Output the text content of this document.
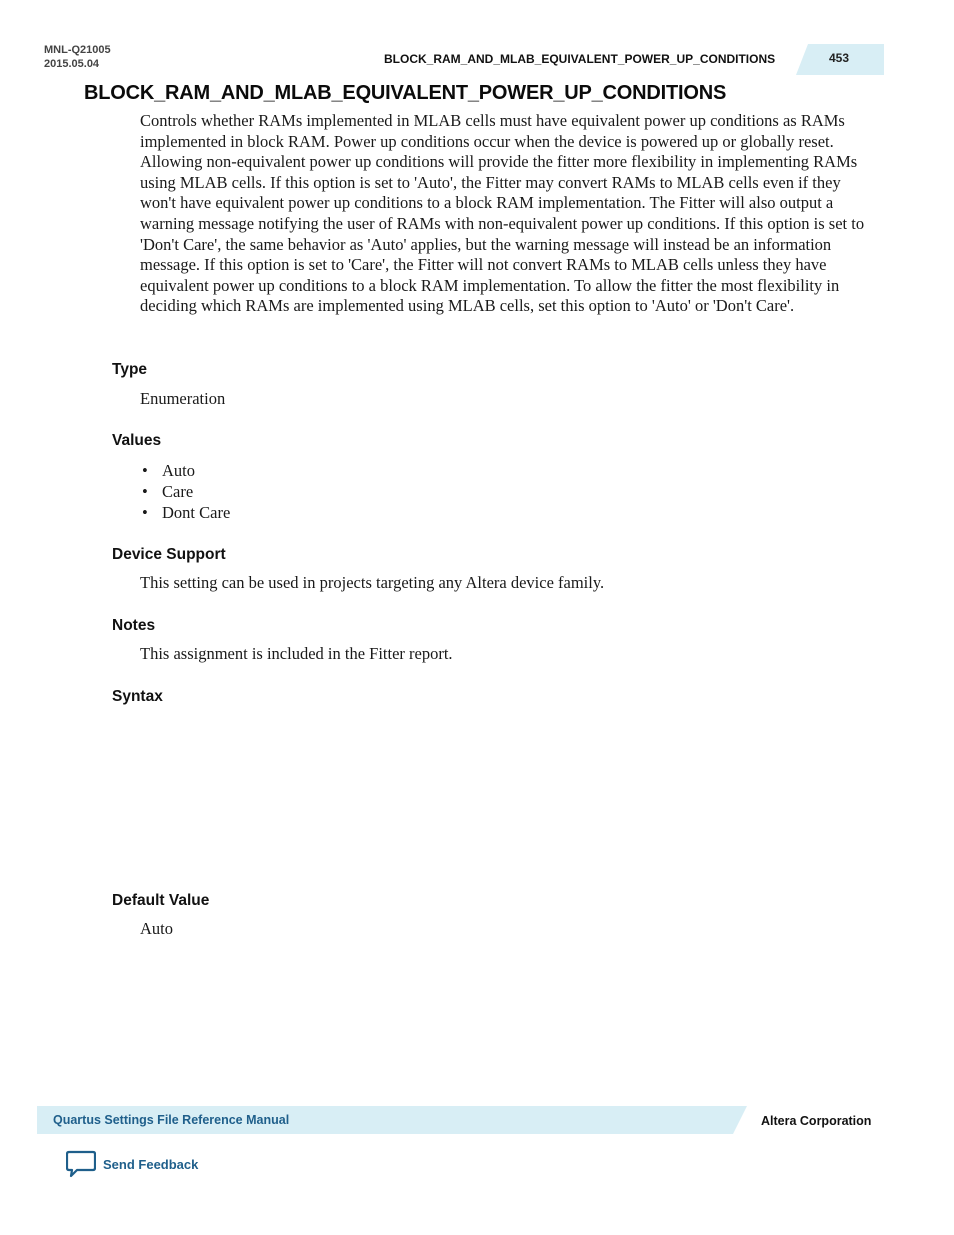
MNL-Q21005
2015.05.04	BLOCK_RAM_AND_MLAB_EQUIVALENT_POWER_UP_CONDITIONS	453
BLOCK_RAM_AND_MLAB_EQUIVALENT_POWER_UP_CONDITIONS

Controls whether RAMs implemented in MLAB cells must have equivalent power up conditions as RAMs implemented in block RAM. Power up conditions occur when the device is powered up or globally reset. Allowing non-equivalent power up conditions will provide the fitter more flexibility in implementing RAMs using MLAB cells. If this option is set to 'Auto', the Fitter may convert RAMs to MLAB cells even if they won't have equivalent power up conditions to a block RAM implementation. The Fitter will also output a warning message notifying the user of RAMs with non-equivalent power up conditions. If this option is set to 'Don't Care', the same behavior as 'Auto' applies, but the warning message will instead be an information message. If this option is set to 'Care', the Fitter will not convert RAMs to MLAB cells unless they have equivalent power up conditions to a block RAM implementation. To allow the fitter the most flexibility in deciding which RAMs are implemented using MLAB cells, set this option to 'Auto' or 'Don't Care'.

Type

Enumeration

Values
• Auto
• Care
• Dont Care
Device Support

This setting can be used in projects targeting any Altera device family.

Notes

This assignment is included in the Fitter report.

Syntax
Default Value

Auto

Quartus Settings File Reference Manual	Altera Corporation
Send Feedback
